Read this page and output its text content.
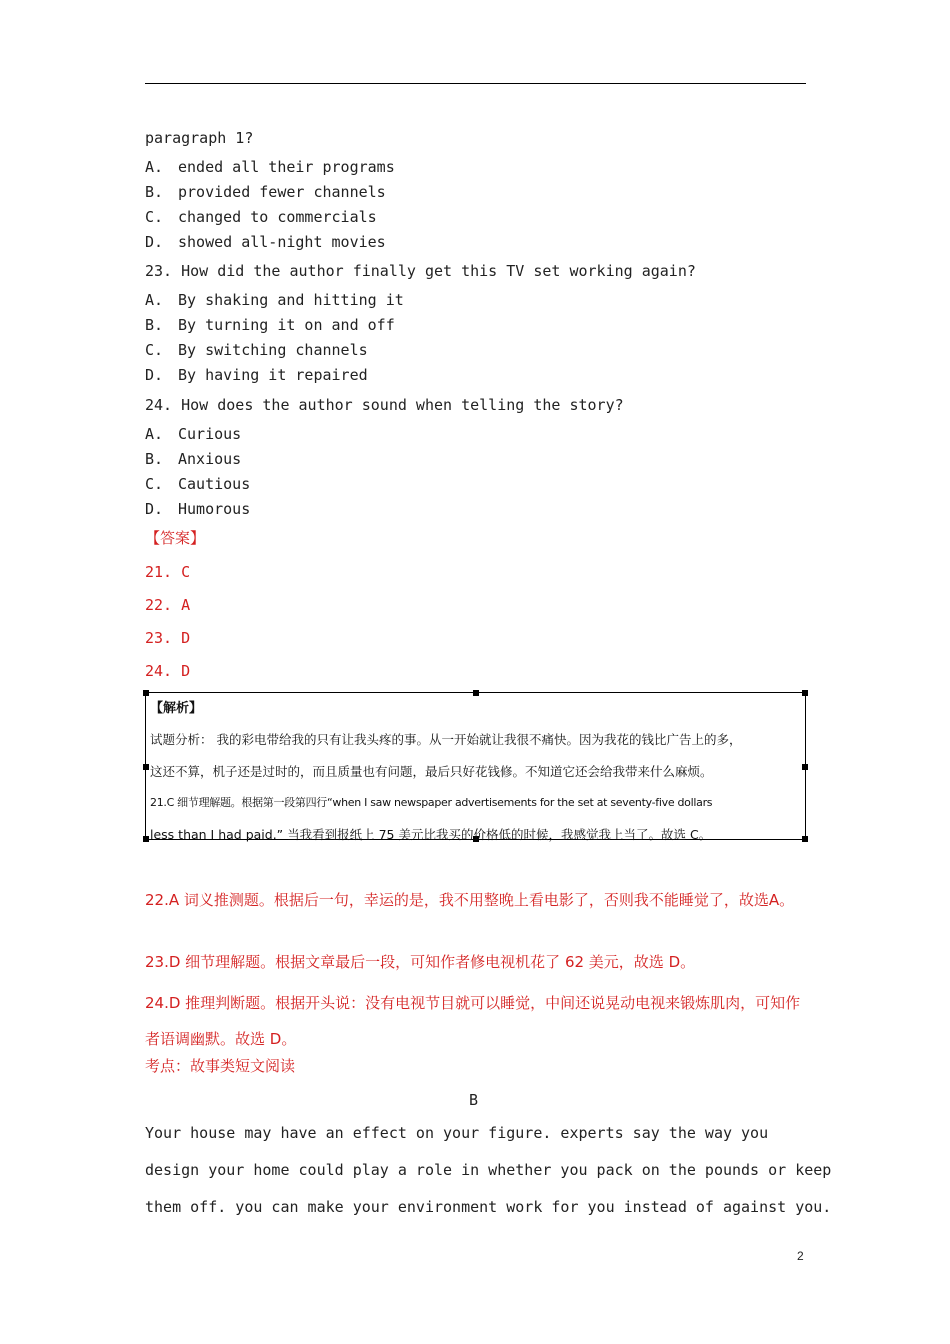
paragraph 1?
A. ended all their programs
B. provided fewer channels
C. changed to commercials
D. showed all-night movies
23. How did the author finally get this TV set working again?
A. By shaking and hitting it
B. By turning it on and off
C. By switching channels
D. By having it repaired
24. How does the author sound when telling the story?
A. Curious
B. Anxious
C. Cautious
D. Humorous
【答案】
21. C
22. A
23. D
24. D
【解析】
试题分析： 我的彩电带给我的只有让我头疼的事。从一开始就让我很不痛快。因为我花的钱比广告上的多，
这还不算，机子还是过时的，而且质量也有问题，最后只好花钱修。不知道它还会给我带来什么麻烦。
21.C 细节理解题。根据第一段第四行“when I saw newspaper advertisements for the set at seventy-five dollars
less than I had paid.” 当我看到报纸上 75 美元比我买的价格低的时候，我感觉我上当了。故选 C。
22.A 词义推测题。根据后一句，幸运的是，我不用整晚上看电影了，否则我不能睡觉了，故选A。
23.D 细节理解题。根据文章最后一段，可知作者修电视机花了 62 美元，故选 D。
24.D 推理判断题。根据开头说：没有电视节目就可以睡觉，中间还说晃动电视来锻炼肌肉，可知作者语调幽默。故选 D。
考点：故事类短文阅读
B
Your house may have an effect on your figure. experts say the way you
design your home could play a role in whether you pack on the pounds or keep
them off. you can make your environment work for you instead of against you.
2
